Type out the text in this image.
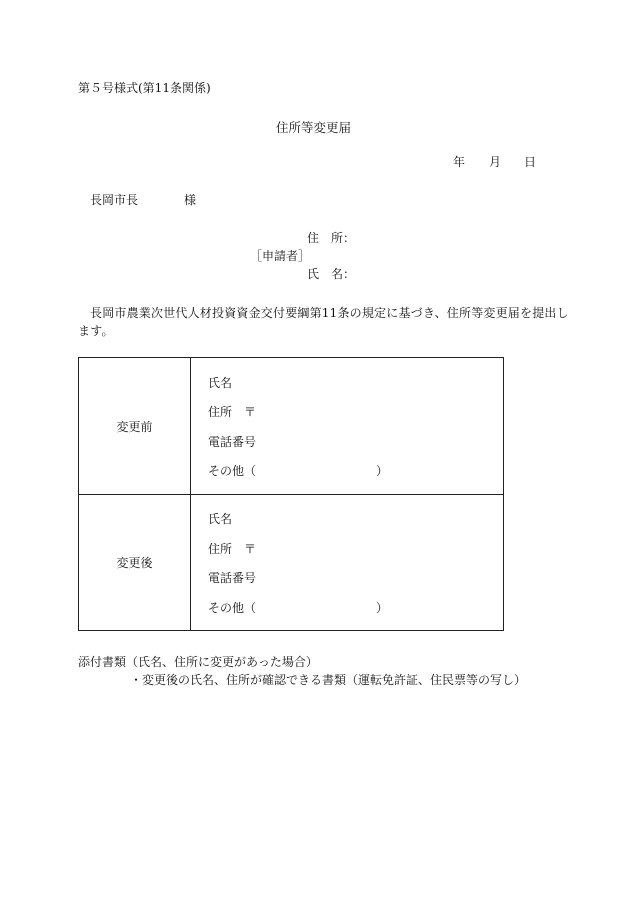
第５号様式(第11条関係)
住所等変更届
年 月 日
長岡市長	様
住　所：
［申請者］
氏　名：
長岡市農業次世代人材投資資金交付要綱第11条の規定に基づき、住所等変更届を提出し
ます。
変更前
氏名
住所　〒
電話番号
その他（　　　　　　　　　　）
変更後
氏名
住所　〒
電話番号
その他（　　　　　　　　　　）
添付書類（氏名、住所に変更があった場合）
・変更後の氏名、住所が確認できる書類（運転免許証、住民票等の写し）
